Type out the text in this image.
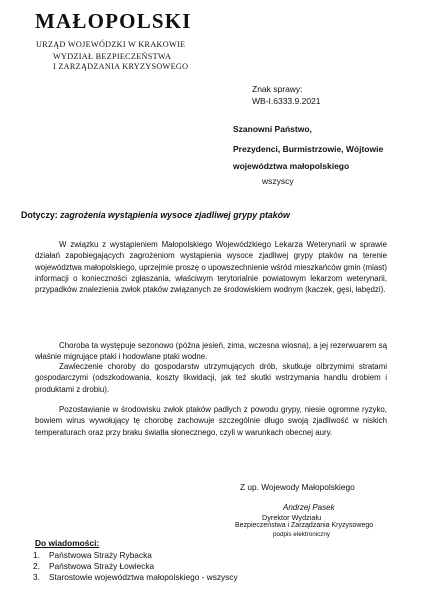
MAŁOPOLSKI
URZĄD WOJEWÓDZKI W KRAKOWIE
WYDZIAŁ BEZPIECZEŃSTWA
I ZARZĄDZANIA KRYZYSOWEGO
Znak sprawy:
WB-I.6333.9.2021
Szanowni Państwo,
Prezydenci, Burmistrzowie, Wójtowie
województwa małopolskiego
wszyscy
Dotyczy: zagrożenia wystąpienia wysoce zjadliwej grypy ptaków

W związku z wystąpieniem Małopolskiego Wojewódzkiego Lekarza Weterynarii w sprawie działań zapobiegających zagrożeniom wystąpienia wysoce zjadliwej grypy ptaków na terenie województwa małopolskiego, uprzejmie proszę o upowszechnienie wśród mieszkańców gmin (miast) informacji o konieczności zgłaszania, właściwym terytorialnie powiatowym lekarzom weterynarii, przypadków znalezienia zwłok ptaków związanych ze środowiskiem wodnym (kaczek, gęsi, łabędzi).

Choroba ta występuje sezonowo (późna jesień, zima, wczesna wiosna), a jej rezerwuarem są właśnie migrujące ptaki i hodowlane ptaki wodne.

Zawleczenie choroby do gospodarstw utrzymujących drób, skutkuje olbrzymimi stratami gospodarczymi (odszkodowania, koszty likwidacji, jak też skutki wstrzymania handlu drobiem i produktami z drobiu).

Pozostawianie w środowisku zwłok ptaków padłych z powodu grypy, niesie ogromne ryzyko, bowiem wirus wywołujący tę chorobę zachowuje szczególnie długo swoją zjadliwość w niskich temperaturach oraz przy braku światła słonecznego, czyli w warunkach obecnej aury.

Z up. Wojewody Małopolskiego
Andrzej Pasek
Dyrektor Wydziału
Bezpieczeństwa i Zarządzania Kryzysowego
podpis elektroniczny
Do wiadomości:
1.	Państwowa Straży Rybacka
2.	Państwowa Straży Łowiecka
3.	Starostowie województwa małopolskiego - wszyscy
